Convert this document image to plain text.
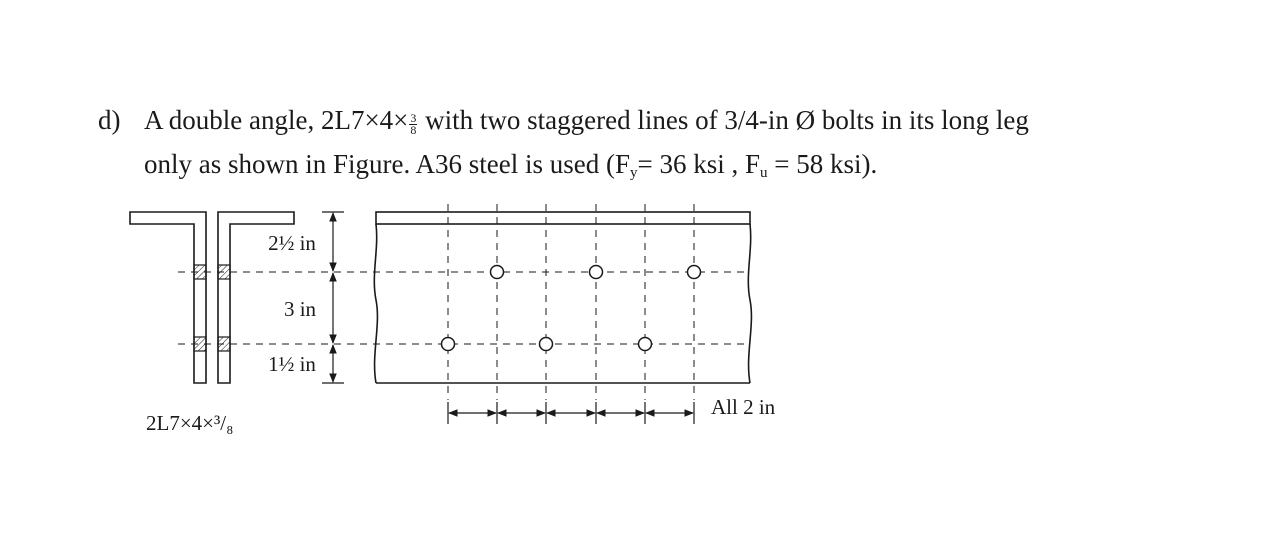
d) A double angle, $2L7\times 4\times \frac{3}{8}$ with two staggered lines of 3/4-in Ø bolts in its long leg
only as shown in Figure. A36 steel is used ($F_y= 36$ ksi , $F_u = 58$ ksi).
2½ in
3 in
1½ in
All 2 in
2L7×4×³/₈
